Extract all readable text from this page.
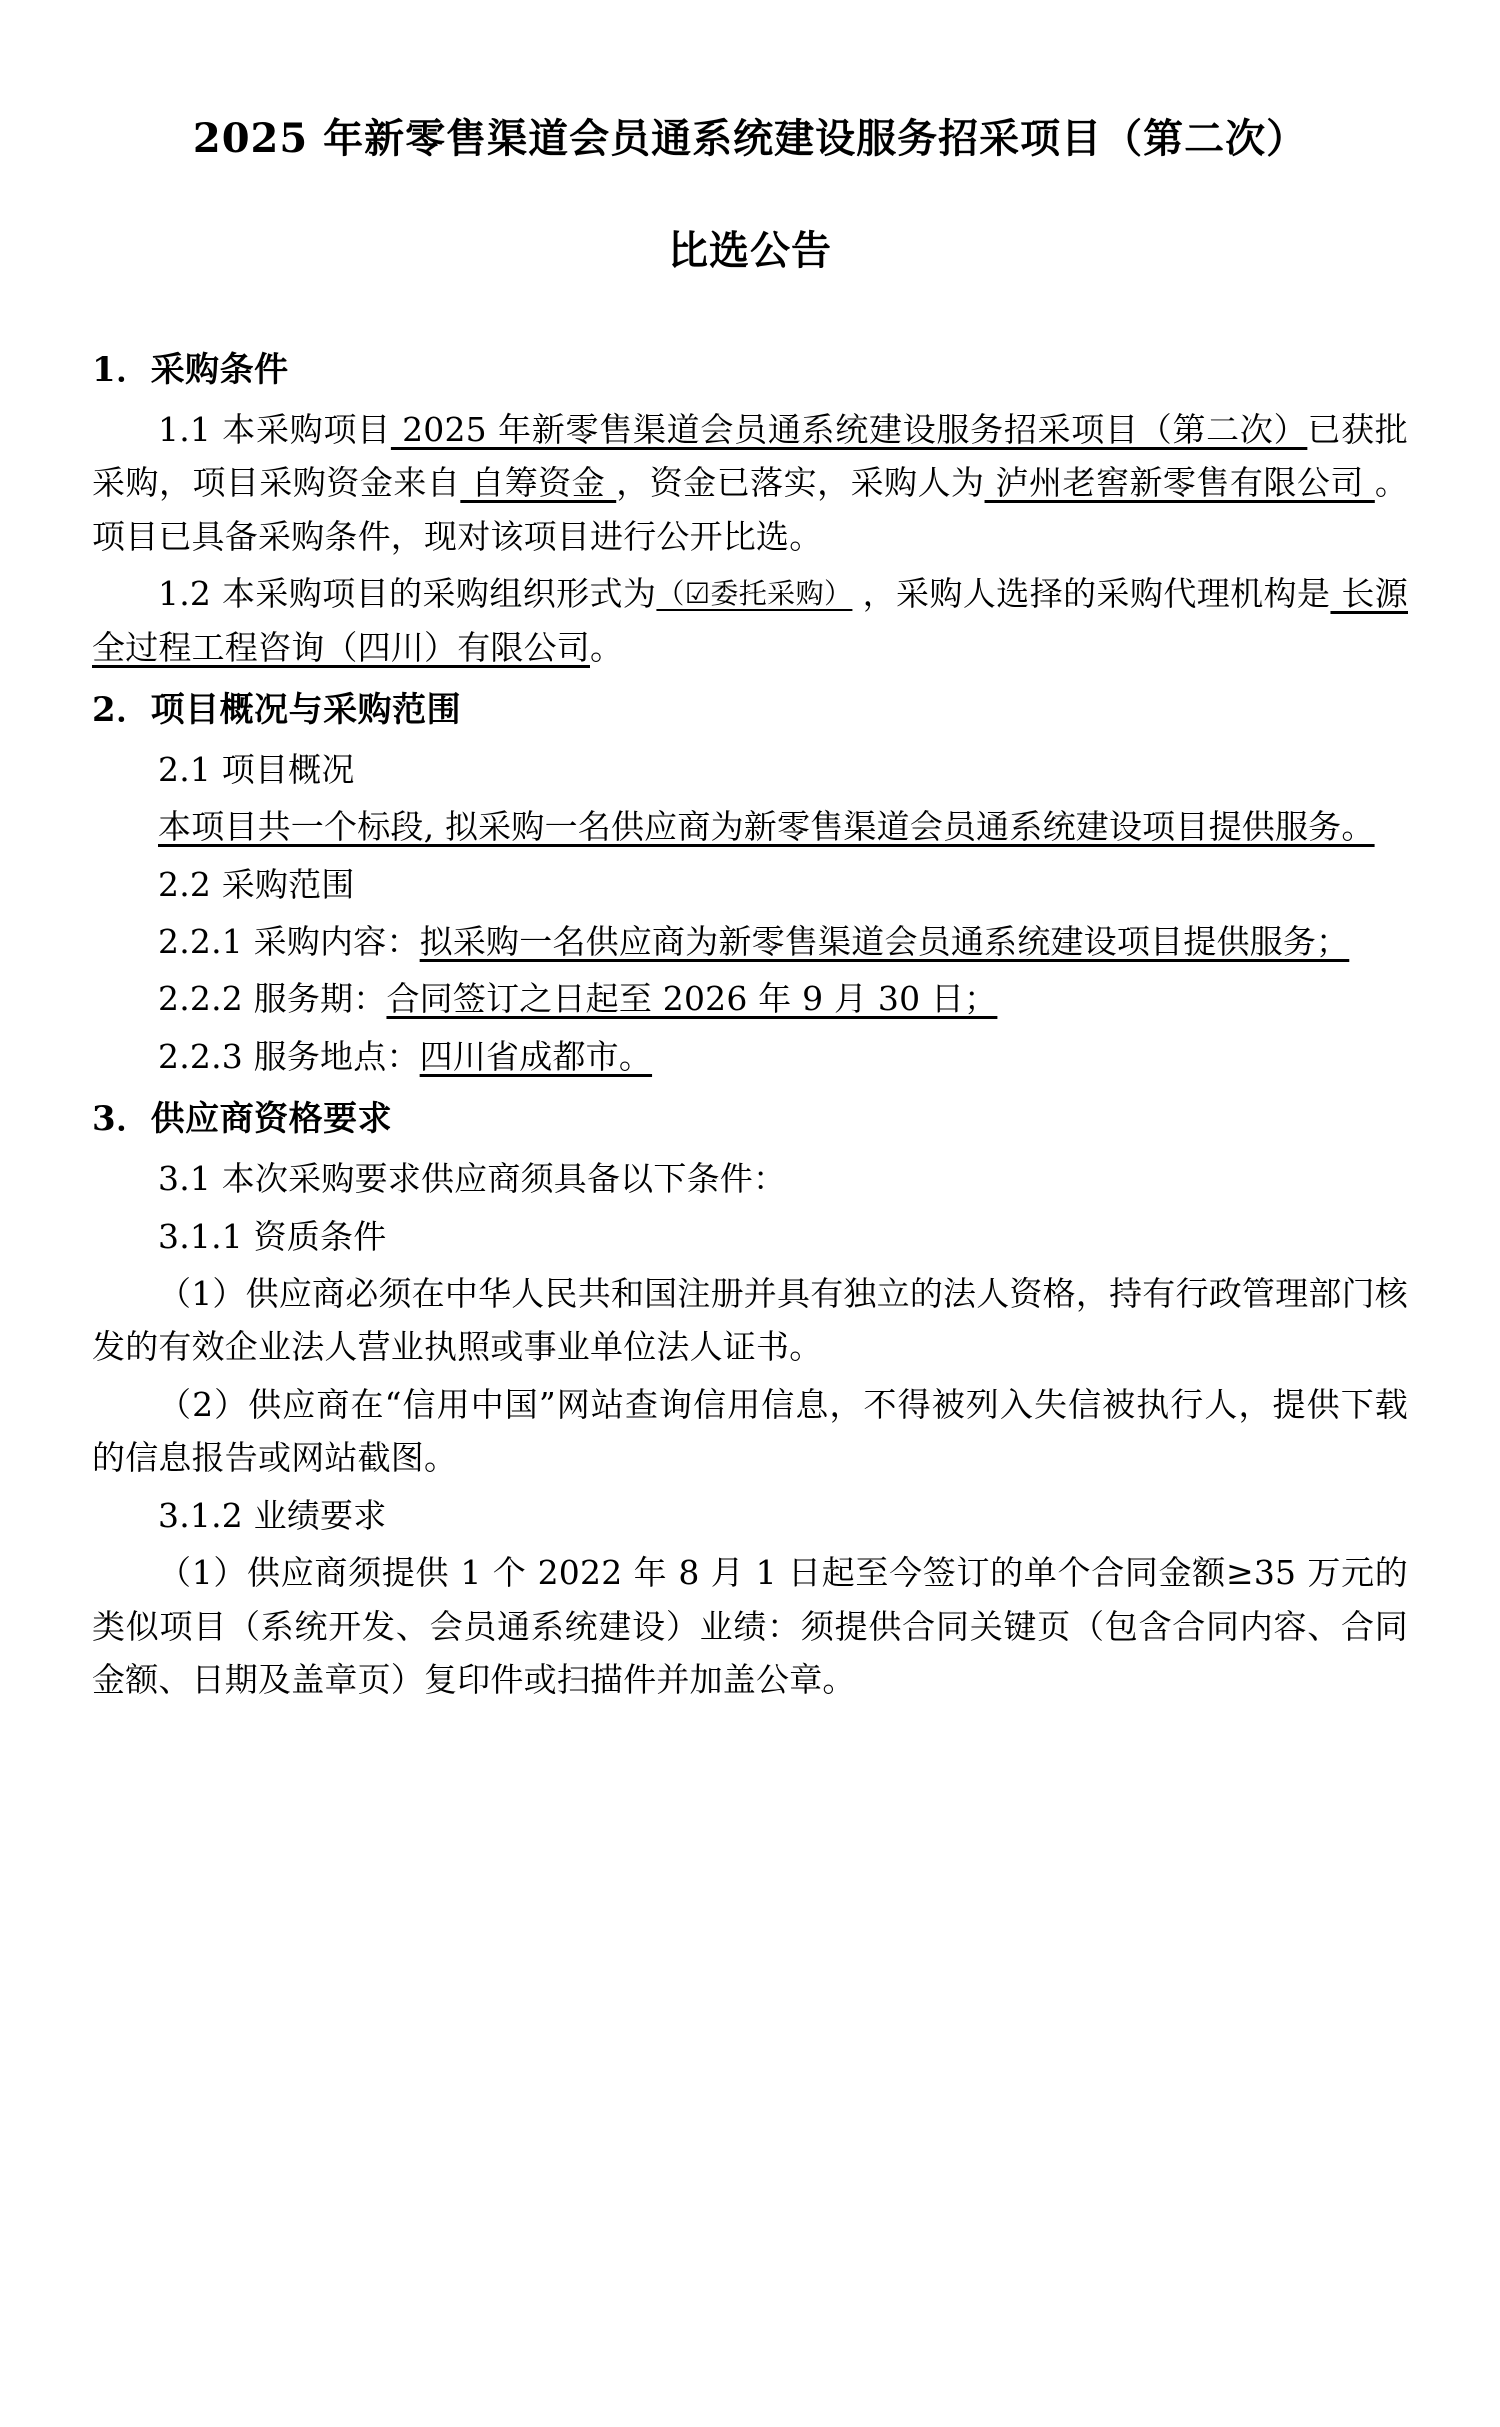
2025 年新零售渠道会员通系统建设服务招采项目（第二次）
比选公告
1．采购条件

1.1 本采购项目 2025 年新零售渠道会员通系统建设服务招采项目（第二次）已获批采购，项目采购资金来自 自筹资金 ，资金已落实，采购人为 泸州老窖新零售有限公司 。项目已具备采购条件，现对该项目进行公开比选。

1.2 本采购项目的采购组织形式为（☑委托采购） ，采购人选择的采购代理机构是 长源全过程工程咨询（四川）有限公司。

2．项目概况与采购范围

2.1 项目概况

本项目共一个标段, 拟采购一名供应商为新零售渠道会员通系统建设项目提供服务。

2.2 采购范围

2.2.1 采购内容：拟采购一名供应商为新零售渠道会员通系统建设项目提供服务；

2.2.2 服务期：合同签订之日起至 2026 年 9 月 30 日；

2.2.3 服务地点：四川省成都市。

3．供应商资格要求

3.1 本次采购要求供应商须具备以下条件：

3.1.1 资质条件

（1）供应商必须在中华人民共和国注册并具有独立的法人资格，持有行政管理部门核发的有效企业法人营业执照或事业单位法人证书。

（2）供应商在“信用中国”网站查询信用信息，不得被列入失信被执行人，提供下载的信息报告或网站截图。

3.1.2 业绩要求

（1）供应商须提供 1 个 2022 年 8 月 1 日起至今签订的单个合同金额≥35 万元的类似项目（系统开发、会员通系统建设）业绩：须提供合同关键页（包含合同内容、合同金额、日期及盖章页）复印件或扫描件并加盖公章。
